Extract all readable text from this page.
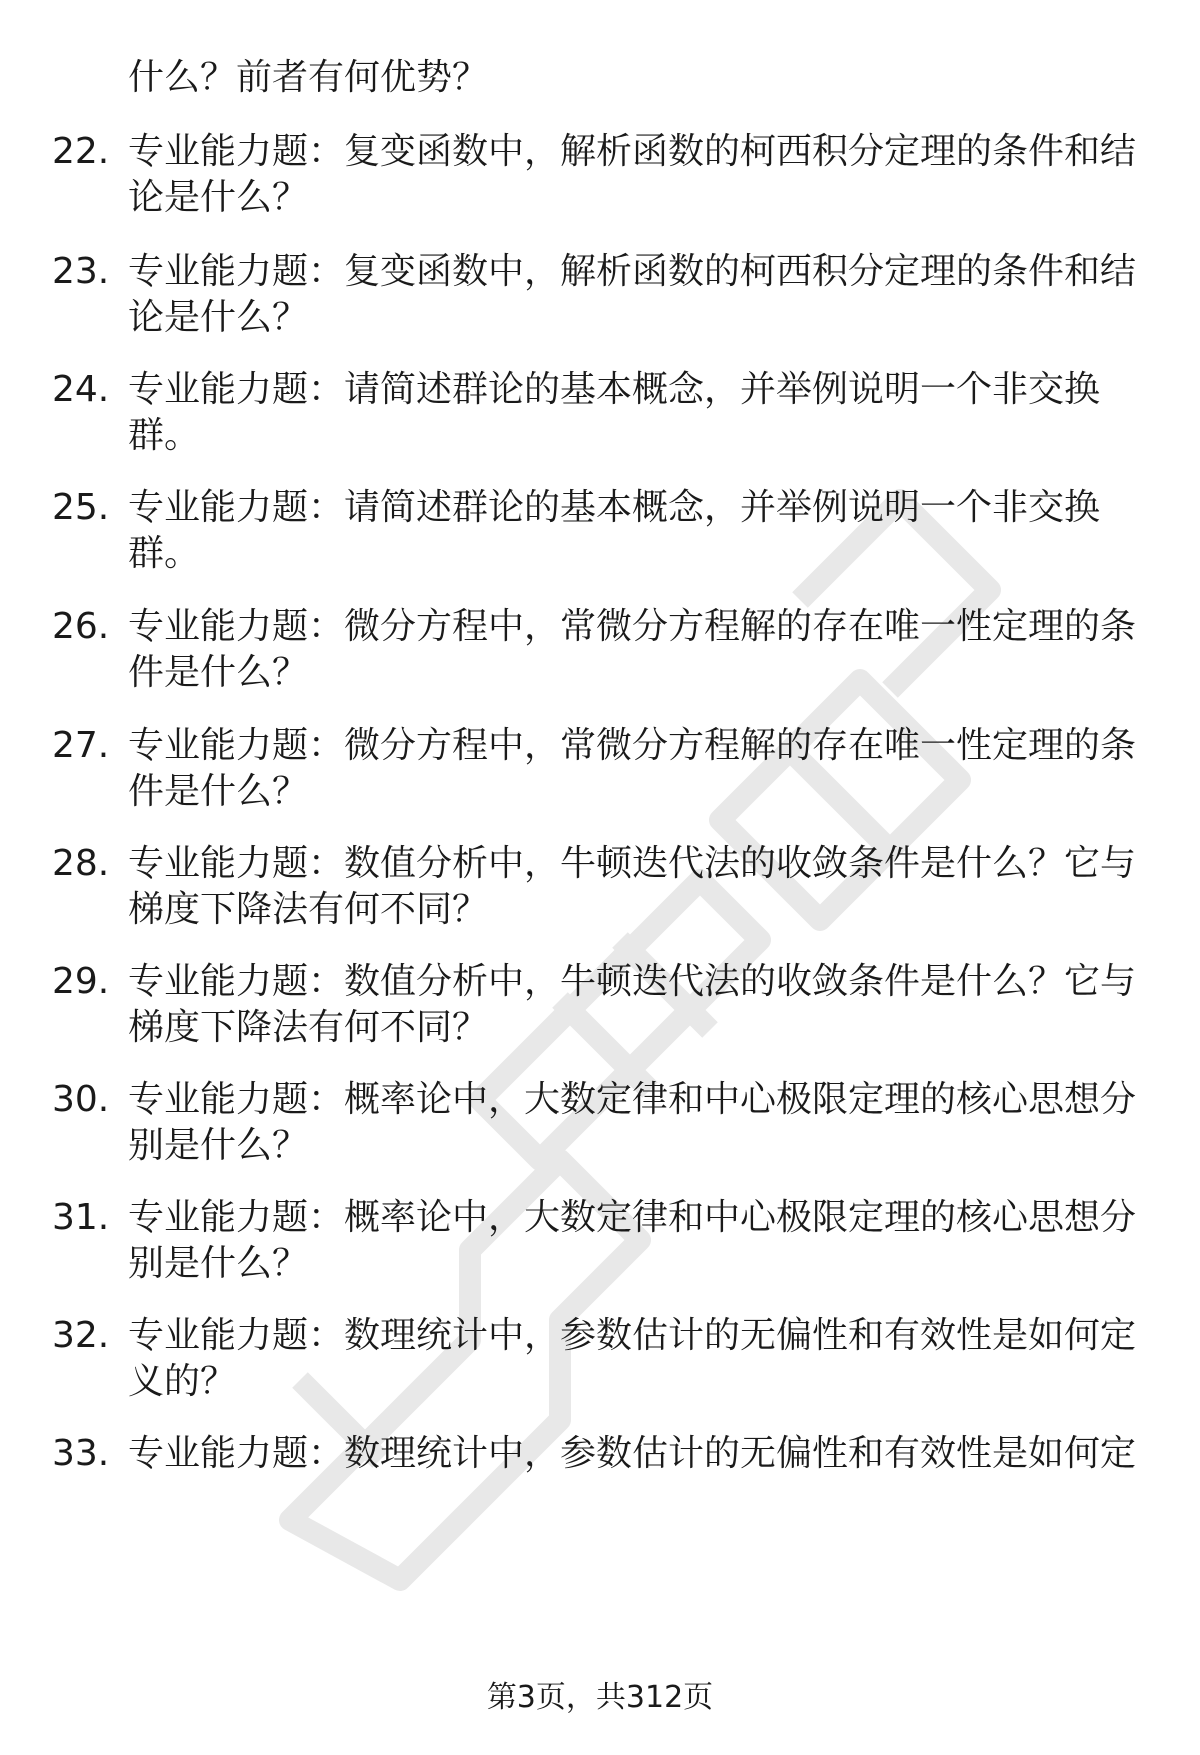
什么？前者有何优势？
22. 专业能力题：复变函数中，解析函数的柯西积分定理的条件和结
论是什么？
23. 专业能力题：复变函数中，解析函数的柯西积分定理的条件和结
论是什么？
24. 专业能力题：请简述群论的基本概念，并举例说明一个非交换
群。
25. 专业能力题：请简述群论的基本概念，并举例说明一个非交换
群。
26. 专业能力题：微分方程中，常微分方程解的存在唯一性定理的条
件是什么？
27. 专业能力题：微分方程中，常微分方程解的存在唯一性定理的条
件是什么？
28. 专业能力题：数值分析中，牛顿迭代法的收敛条件是什么？它与
梯度下降法有何不同？
29. 专业能力题：数值分析中，牛顿迭代法的收敛条件是什么？它与
梯度下降法有何不同？
30. 专业能力题：概率论中，大数定律和中心极限定理的核心思想分
别是什么？
31. 专业能力题：概率论中，大数定律和中心极限定理的核心思想分
别是什么？
32. 专业能力题：数理统计中，参数估计的无偏性和有效性是如何定
义的？
33. 专业能力题：数理统计中，参数估计的无偏性和有效性是如何定
第3页，共312页
